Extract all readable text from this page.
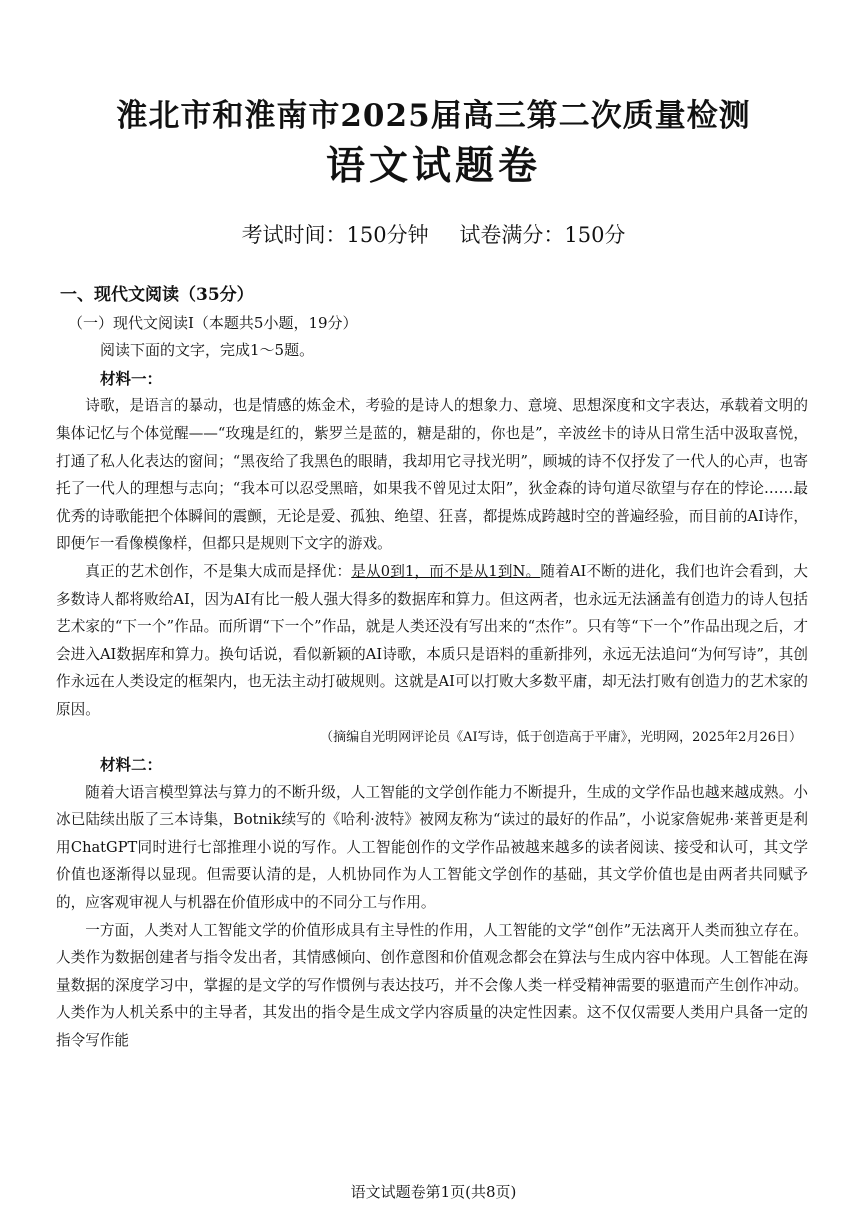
淮北市和淮南市2025届高三第二次质量检测
语文试题卷
考试时间：150分钟 试卷满分：150分
一、现代文阅读（35分）
（一）现代文阅读Ⅰ（本题共5小题，19分）
阅读下面的文字，完成1～5题。
材料一：

诗歌，是语言的暴动，也是情感的炼金术，考验的是诗人的想象力、意境、思想深度和文字表达，承载着文明的集体记忆与个体觉醒——“玫瑰是红的，紫罗兰是蓝的，糖是甜的，你也是”，辛波丝卡的诗从日常生活中汲取喜悦，打通了私人化表达的窗间；“黑夜给了我黑色的眼睛，我却用它寻找光明”，顾城的诗不仅抒发了一代人的心声，也寄托了一代人的理想与志向；“我本可以忍受黑暗，如果我不曾见过太阳”，狄金森的诗句道尽欲望与存在的悖论……最优秀的诗歌能把个体瞬间的震颤，无论是爱、孤独、绝望、狂喜，都提炼成跨越时空的普遍经验，而目前的AI诗作，即便乍一看像模像样，但都只是规则下文字的游戏。

真正的艺术创作，不是集大成而是择优：是从0到1，而不是从1到N。随着AI不断的进化，我们也许会看到，大多数诗人都将败给AI，因为AI有比一般人强大得多的数据库和算力。但这两者，也永远无法涵盖有创造力的诗人包括艺术家的“下一个”作品。而所谓“下一个”作品，就是人类还没有写出来的“杰作”。只有等“下一个”作品出现之后，才会进入AI数据库和算力。换句话说，看似新颖的AI诗歌，本质只是语料的重新排列，永远无法追问“为何写诗”，其创作永远在人类设定的框架内，也无法主动打破规则。这就是AI可以打败大多数平庸，却无法打败有创造力的艺术家的原因。

（摘编自光明网评论员《AI写诗，低于创造高于平庸》，光明网，2025年2月26日）
材料二：

随着大语言模型算法与算力的不断升级，人工智能的文学创作能力不断提升，生成的文学作品也越来越成熟。小冰已陆续出版了三本诗集，Botnik续写的《哈利·波特》被网友称为“读过的最好的作品”，小说家詹妮弗·莱普更是利用ChatGPT同时进行七部推理小说的写作。人工智能创作的文学作品被越来越多的读者阅读、接受和认可，其文学价值也逐渐得以显现。但需要认清的是，人机协同作为人工智能文学创作的基础，其文学价值也是由两者共同赋予的，应客观审视人与机器在价值形成中的不同分工与作用。

一方面，人类对人工智能文学的价值形成具有主导性的作用，人工智能的文学“创作”无法离开人类而独立存在。人类作为数据创建者与指令发出者，其情感倾向、创作意图和价值观念都会在算法与生成内容中体现。人工智能在海量数据的深度学习中，掌握的是文学的写作惯例与表达技巧，并不会像人类一样受精神需要的驱遣而产生创作冲动。人类作为人机关系中的主导者，其发出的指令是生成文学内容质量的决定性因素。这不仅仅需要人类用户具备一定的指令写作能

语文试题卷第1页(共8页)
